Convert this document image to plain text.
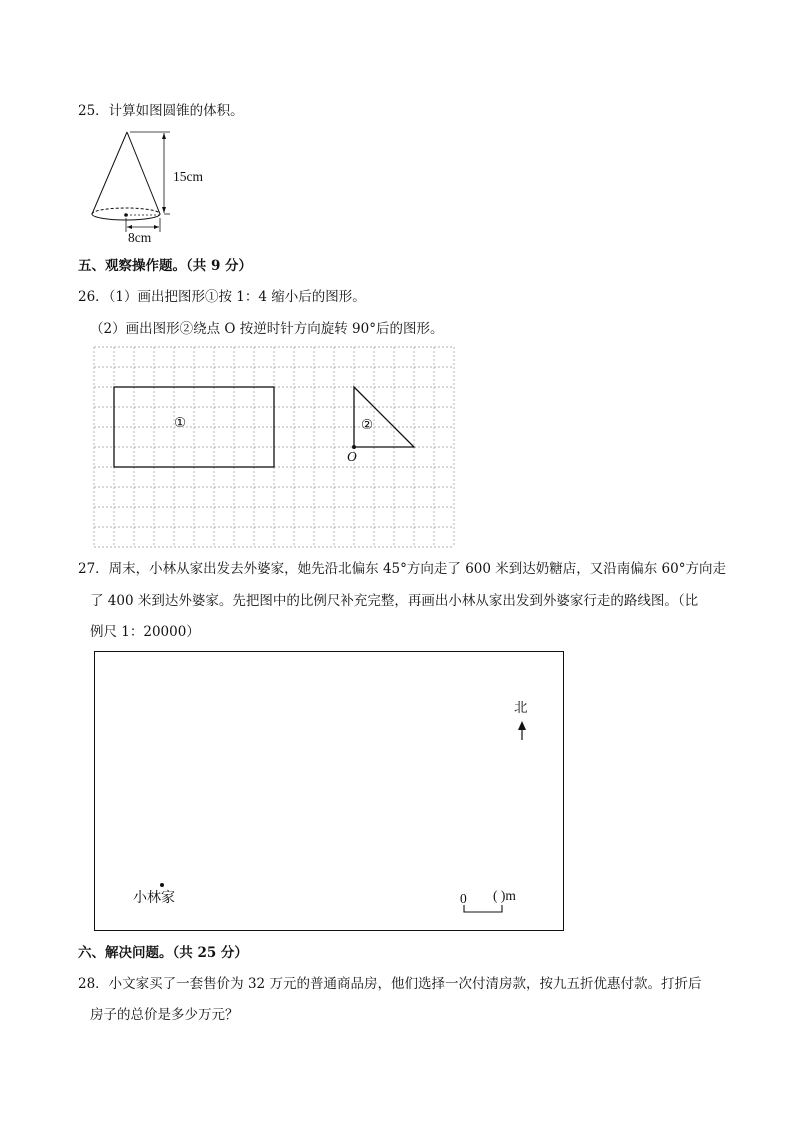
25．计算如图圆锥的体积。
15cm
8cm
五、观察操作题。（共 9 分）
26．（1）画出把图形①按 1：4 缩小后的图形。
（2）画出图形②绕点 O 按逆时针方向旋转 90°后的图形。
①	②
O
27．周末，小林从家出发去外婆家，她先沿北偏东 45°方向走了 600 米到达奶糖店，又沿南偏东 60°方向走
了 400 米到达外婆家。先把图中的比例尺补充完整，再画出小林从家出发到外婆家行走的路线图。（比
例尺 1：20000）
北
小林家	0 ( )m
六、解决问题。（共 25 分）
28．小文家买了一套售价为 32 万元的普通商品房，他们选择一次付清房款，按九五折优惠付款。打折后
房子的总价是多少万元？
